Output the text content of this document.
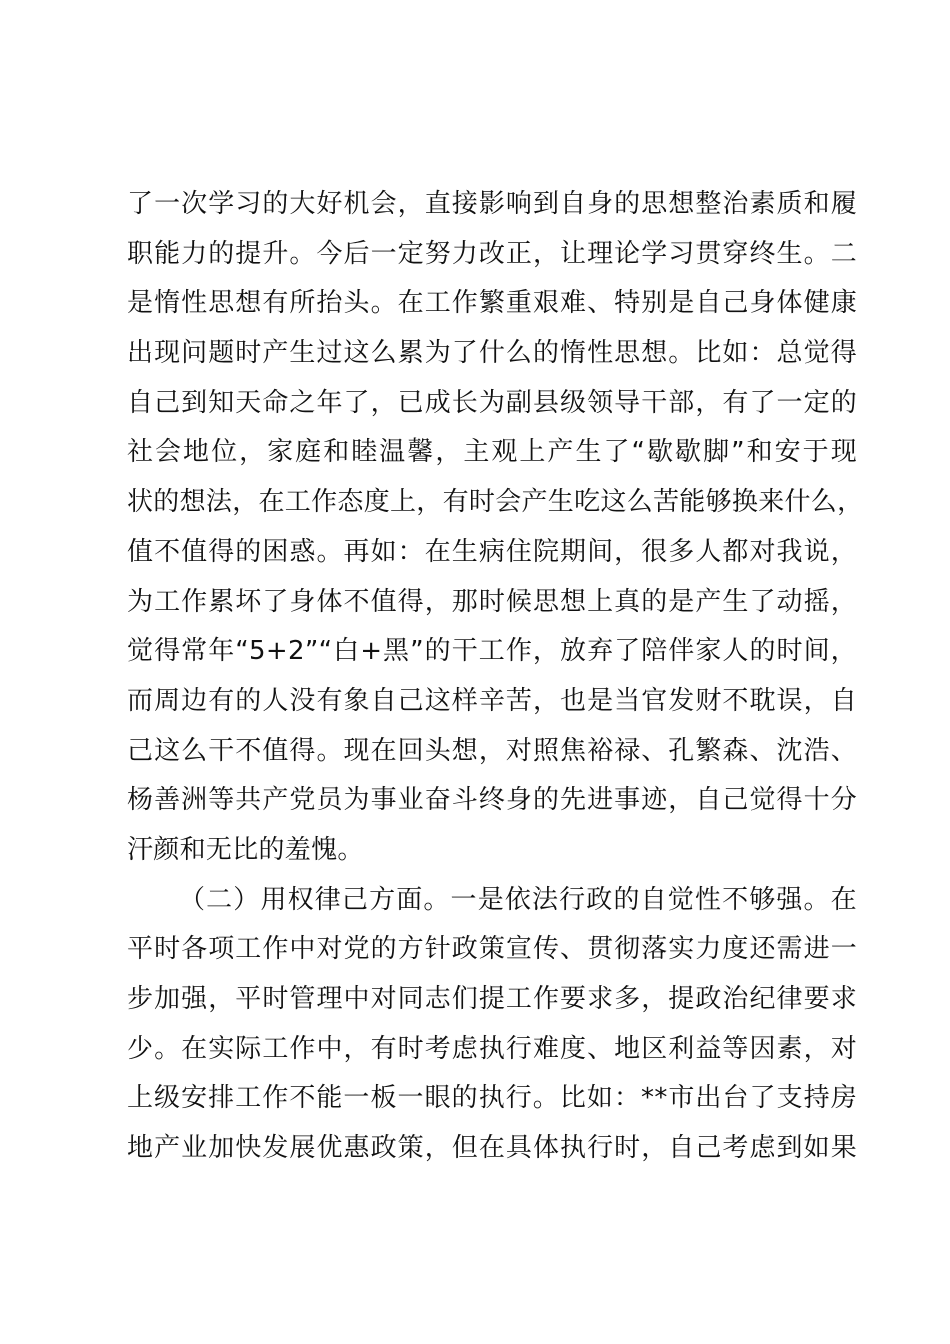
了一次学习的大好机会，直接影响到自身的思想整治素质和履
职能力的提升。今后一定努力改正，让理论学习贯穿终生。二
是惰性思想有所抬头。在工作繁重艰难、特别是自己身体健康
出现问题时产生过这么累为了什么的惰性思想。比如：总觉得
自己到知天命之年了，已成长为副县级领导干部，有了一定的
社会地位，家庭和睦温馨，主观上产生了“歇歇脚”和安于现
状的想法，在工作态度上，有时会产生吃这么苦能够换来什么，
值不值得的困惑。再如：在生病住院期间，很多人都对我说，
为工作累坏了身体不值得，那时候思想上真的是产生了动摇，
觉得常年“5+2”“白+黑”的干工作，放弃了陪伴家人的时间，
而周边有的人没有象自己这样辛苦，也是当官发财不耽误，自
己这么干不值得。现在回头想，对照焦裕禄、孔繁森、沈浩、
杨善洲等共产党员为事业奋斗终身的先进事迹，自己觉得十分
汗颜和无比的羞愧。
（二）用权律己方面。一是依法行政的自觉性不够强。在
平时各项工作中对党的方针政策宣传、贯彻落实力度还需进一
步加强，平时管理中对同志们提工作要求多，提政治纪律要求
少。在实际工作中，有时考虑执行难度、地区利益等因素，对
上级安排工作不能一板一眼的执行。比如：**市出台了支持房
地产业加快发展优惠政策，但在具体执行时，自己考虑到如果
